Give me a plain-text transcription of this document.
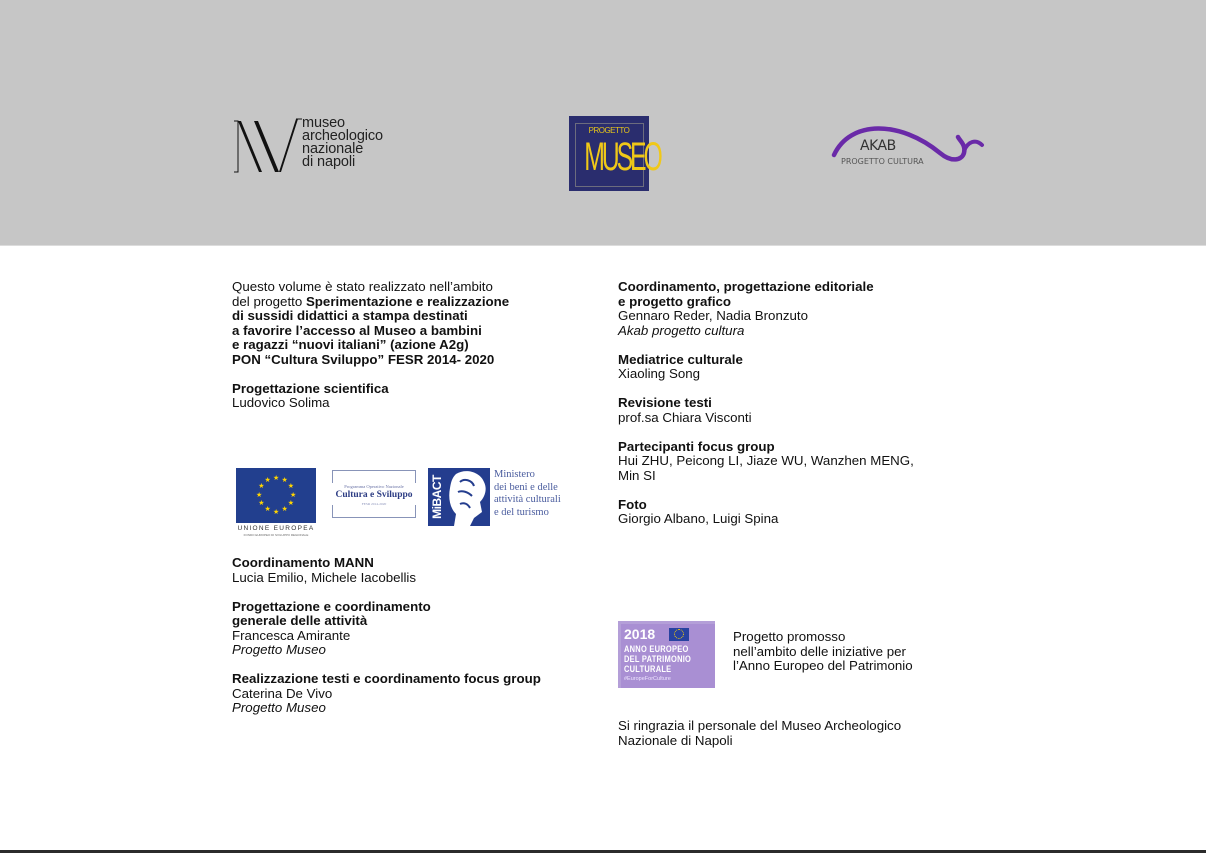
museo
archeologico
nazionale
di napoli
PROGETTO
MUSEO	AKAB
PROGETTO CULTURA
Questo volume è stato realizzato nell’ambito
del progetto Sperimentazione e realizzazione
di sussidi didattici a stampa destinati
a favorire l’accesso al Museo a bambini
e ragazzi “nuovi italiani” (azione A2g)
PON “Cultura Sviluppo” FESR 2014- 2020
Progettazione scientifica
Ludovico Solima
★ ★
★
★
★
★
★
★
★
★
★
★
UNIONE EUROPEA
FONDO EUROPEO DI SVILUPPO REGIONALE
Programma Operativo Nazionale
Cultura e Sviluppo
FESR 2014-2020	MiBACT
Ministero
dei beni e delle
attività culturali
e del turismo
Coordinamento MANN
Lucia Emilio, Michele Iacobellis
Progettazione e coordinamento
generale delle attività
Francesca Amirante
Progetto Museo
Realizzazione testi e coordinamento focus group
Caterina De Vivo
Progetto Museo
Coordinamento, progettazione editoriale
e progetto grafico
Gennaro Reder, Nadia Bronzuto
Akab progetto cultura
Mediatrice culturale
Xiaoling Song
Revisione testi
prof.sa Chiara Visconti
Partecipanti focus group
Hui ZHU, Peicong LI, Jiaze WU, Wanzhen MENG,
Min SI
Foto
Giorgio Albano, Luigi Spina
2018
ANNO EUROPEO
DEL PATRIMONIO
CULTURALE
#EuropeForCulture
Progetto promosso
nell’ambito delle iniziative per
l’Anno Europeo del Patrimonio
Si ringrazia il personale del Museo Archeologico
Nazionale di Napoli
